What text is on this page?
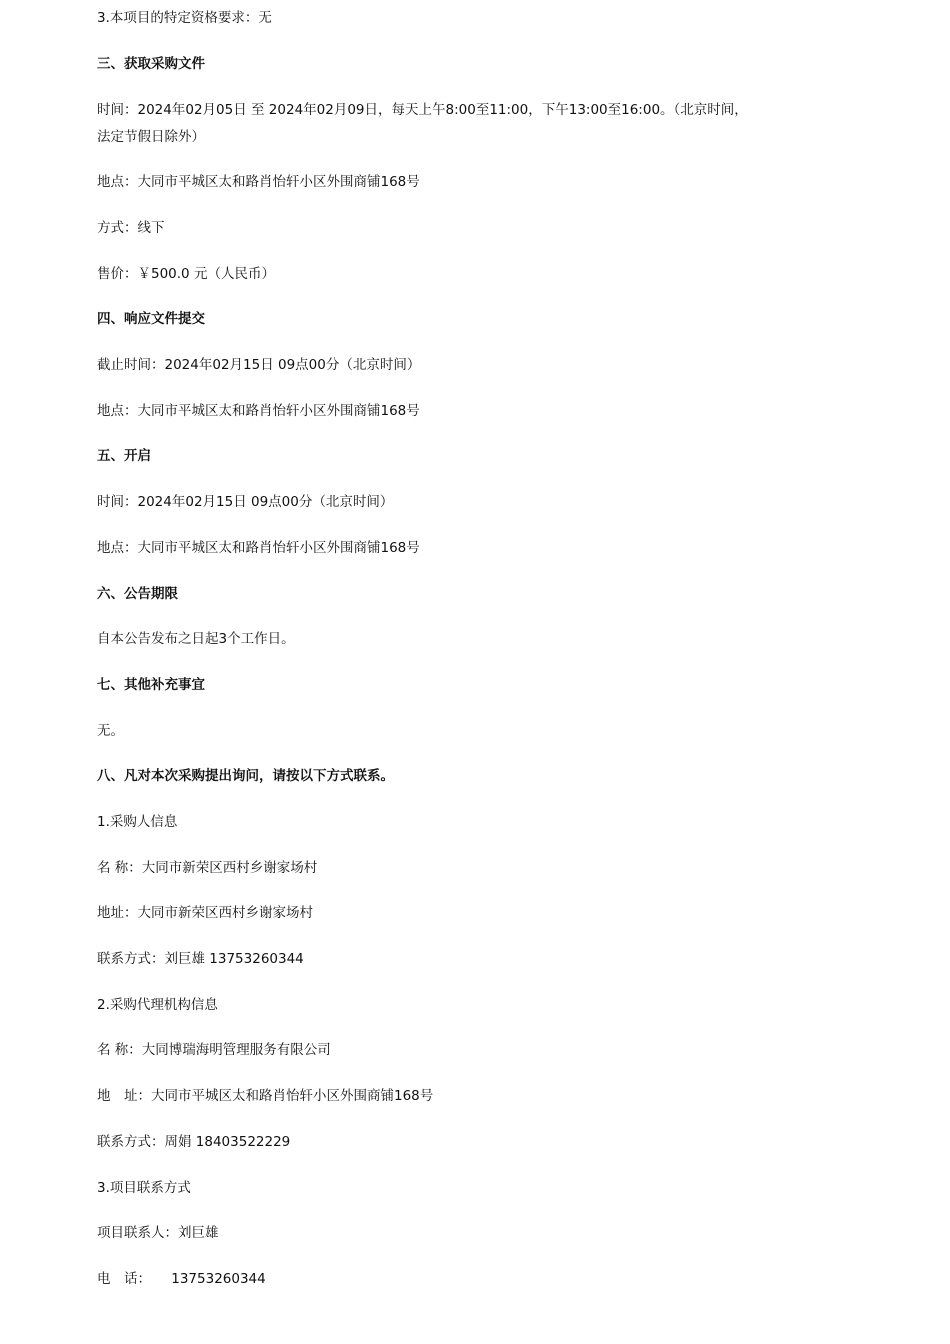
3.本项目的特定资格要求：无
三、获取采购文件
时间：2024年02月05日 至 2024年02月09日，每天上午8:00至11:00，下午13:00至16:00。（北京时间，法定节假日除外）
地点：大同市平城区太和路肖怡轩小区外围商铺168号
方式：线下
售价：￥500.0 元（人民币）
四、响应文件提交
截止时间：2024年02月15日 09点00分（北京时间）
地点：大同市平城区太和路肖怡轩小区外围商铺168号
五、开启
时间：2024年02月15日 09点00分（北京时间）
地点：大同市平城区太和路肖怡轩小区外围商铺168号
六、公告期限
自本公告发布之日起3个工作日。
七、其他补充事宜
无。
八、凡对本次采购提出询问，请按以下方式联系。
1.采购人信息
名 称：大同市新荣区西村乡谢家场村
地址：大同市新荣区西村乡谢家场村
联系方式：刘巨雄 13753260344
2.采购代理机构信息
名 称：大同博瑞海明管理服务有限公司
地　址：大同市平城区太和路肖怡轩小区外围商铺168号
联系方式：周娟 18403522229
3.项目联系方式
项目联系人：刘巨雄
电　话：　　13753260344
